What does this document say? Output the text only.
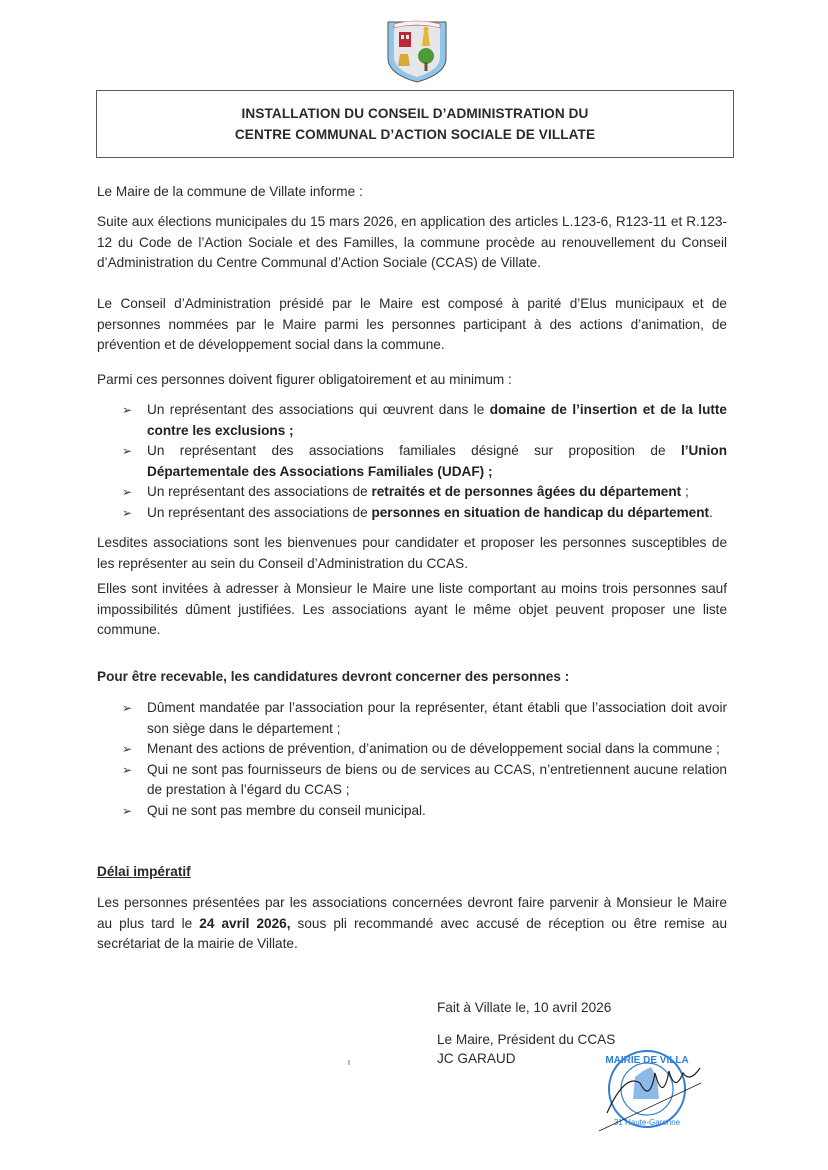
INSTALLATION DU CONSEIL D’ADMINISTRATION DU
CENTRE COMMUNAL D’ACTION SOCIALE DE VILLATE
Le Maire de la commune de Villate informe :
Suite aux élections municipales du 15 mars 2026, en application des articles L.123-6, R123-11 et R.123-12 du Code de l’Action Sociale et des Familles, la commune procède au renouvellement du Conseil d’Administration du Centre Communal d’Action Sociale (CCAS) de Villate.
Le Conseil d’Administration présidé par le Maire est composé à parité d’Elus municipaux et de personnes nommées par le Maire parmi les personnes participant à des actions d’animation, de prévention et de développement social dans la commune.
Parmi ces personnes doivent figurer obligatoirement et au minimum :
➢ Un représentant des associations qui œuvrent dans le domaine de l’insertion et de la lutte contre les exclusions ;
➢ Un représentant des associations familiales désigné sur proposition de l’Union Départementale des Associations Familiales (UDAF) ;
➢ Un représentant des associations de retraités et de personnes âgées du département ;
➢ Un représentant des associations de personnes en situation de handicap du département.
Lesdites associations sont les bienvenues pour candidater et proposer les personnes susceptibles de les représenter au sein du Conseil d’Administration du CCAS.
Elles sont invitées à adresser à Monsieur le Maire une liste comportant au moins trois personnes sauf impossibilités dûment justifiées. Les associations ayant le même objet peuvent proposer une liste commune.
Pour être recevable, les candidatures devront concerner des personnes :
➢ Dûment mandatée par l’association pour la représenter, étant établi que l’association doit avoir son siège dans le département ;
➢ Menant des actions de prévention, d’animation ou de développement social dans la commune ;
➢ Qui ne sont pas fournisseurs de biens ou de services au CCAS, n’entretiennent aucune relation de prestation à l’égard du CCAS ;
➢ Qui ne sont pas membre du conseil municipal.
Délai impératif
Les personnes présentées par les associations concernées devront faire parvenir à Monsieur le Maire au plus tard le 24 avril 2026, sous pli recommandé avec accusé de réception ou être remise au secrétariat de la mairie de Villate.
Fait à Villate le, 10 avril 2026
Le Maire, Président du CCAS
JC GARAUD	MAIRIE DE VILLA
31 Haute-Garonne
